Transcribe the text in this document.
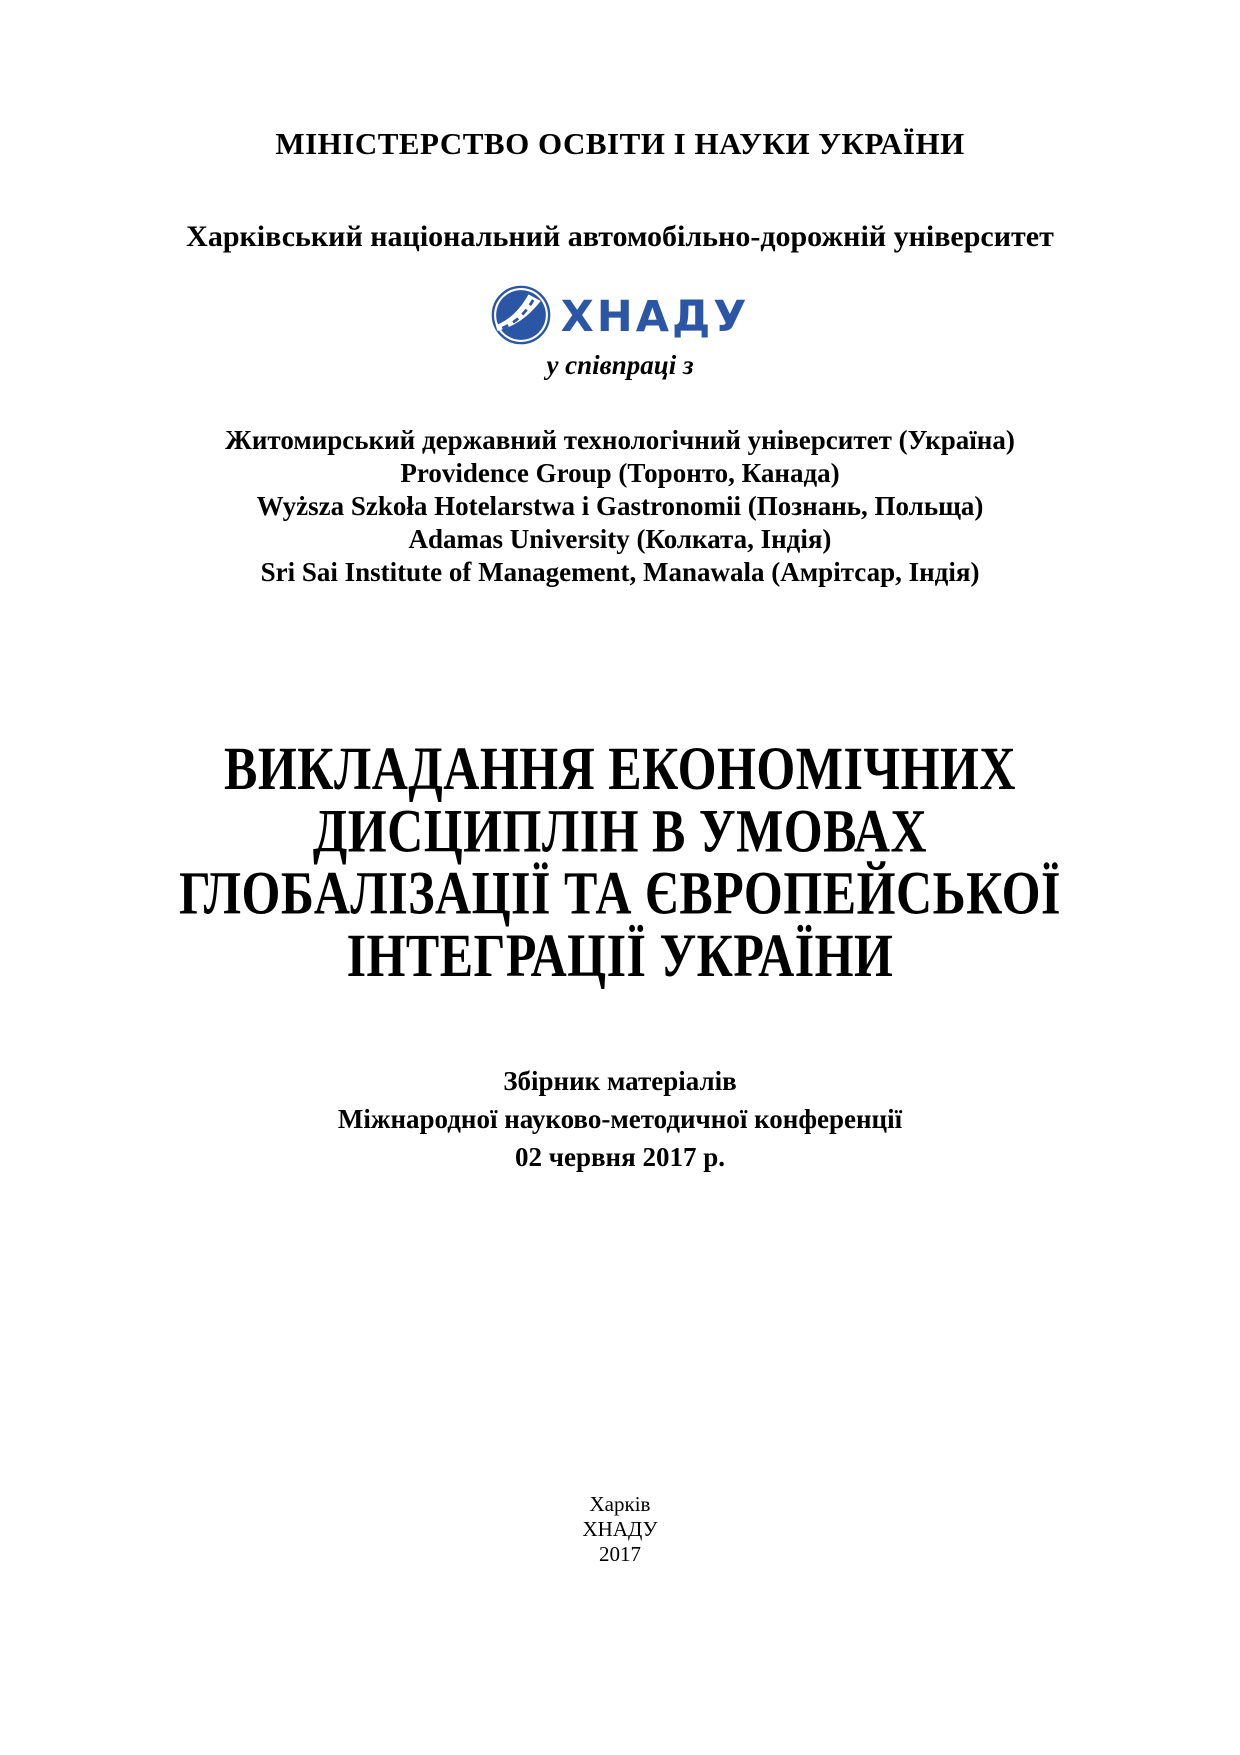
МІНІСТЕРСТВО ОСВІТИ І НАУКИ УКРАЇНИ
Харківський національний автомобільно-дорожній університет
ХНАДУ
у співпраці з
Житомирський державний технологічний університет (Україна)
Providence Group (Торонто, Канада)
Wyższa Szkoła Hotelarstwa i Gastronomii (Познань, Польща)
Adamas University (Колката, Індія)
Sri Sai Institute of Management, Manawala (Амрітсар, Індія)
ВИКЛАДАННЯ ЕКОНОМІЧНИХ
ДИСЦИПЛІН В УМОВАХ
ГЛОБАЛІЗАЦІЇ ТА ЄВРОПЕЙСЬКОЇ
ІНТЕГРАЦІЇ УКРАЇНИ
Збірник матеріалів
Міжнародної науково-методичної конференції
02 червня 2017 р.
Харків
ХНАДУ
2017
